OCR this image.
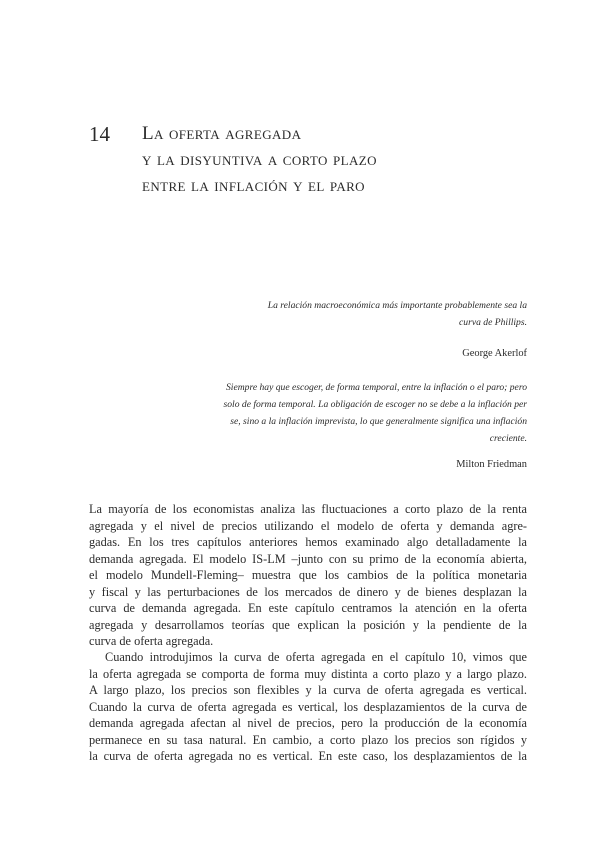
14 La oferta agregada
y la disyuntiva a corto plazo
entre la inflación y el paro
La relación macroeconómica más importante probablemente sea la
curva de Phillips.
George Akerlof
Siempre hay que escoger, de forma temporal, entre la inflación o el paro; pero
solo de forma temporal. La obligación de escoger no se debe a la inflación per
se, sino a la inflación imprevista, lo que generalmente significa una inflación
creciente.
Milton Friedman
La mayoría de los economistas analiza las fluctuaciones a corto plazo de la renta
agregada y el nivel de precios utilizando el modelo de oferta y demanda agre-
gadas. En los tres capítulos anteriores hemos examinado algo detalladamente la
demanda agregada. El modelo IS-LM –junto con su primo de la economía abierta,
el modelo Mundell-Fleming– muestra que los cambios de la política monetaria
y fiscal y las perturbaciones de los mercados de dinero y de bienes desplazan la
curva de demanda agregada. En este capítulo centramos la atención en la oferta
agregada y desarrollamos teorías que explican la posición y la pendiente de la
curva de oferta agregada.
Cuando introdujimos la curva de oferta agregada en el capítulo 10, vimos que
la oferta agregada se comporta de forma muy distinta a corto plazo y a largo plazo.
A largo plazo, los precios son flexibles y la curva de oferta agregada es vertical.
Cuando la curva de oferta agregada es vertical, los desplazamientos de la curva de
demanda agregada afectan al nivel de precios, pero la producción de la economía
permanece en su tasa natural. En cambio, a corto plazo los precios son rígidos y
la curva de oferta agregada no es vertical. En este caso, los desplazamientos de la
